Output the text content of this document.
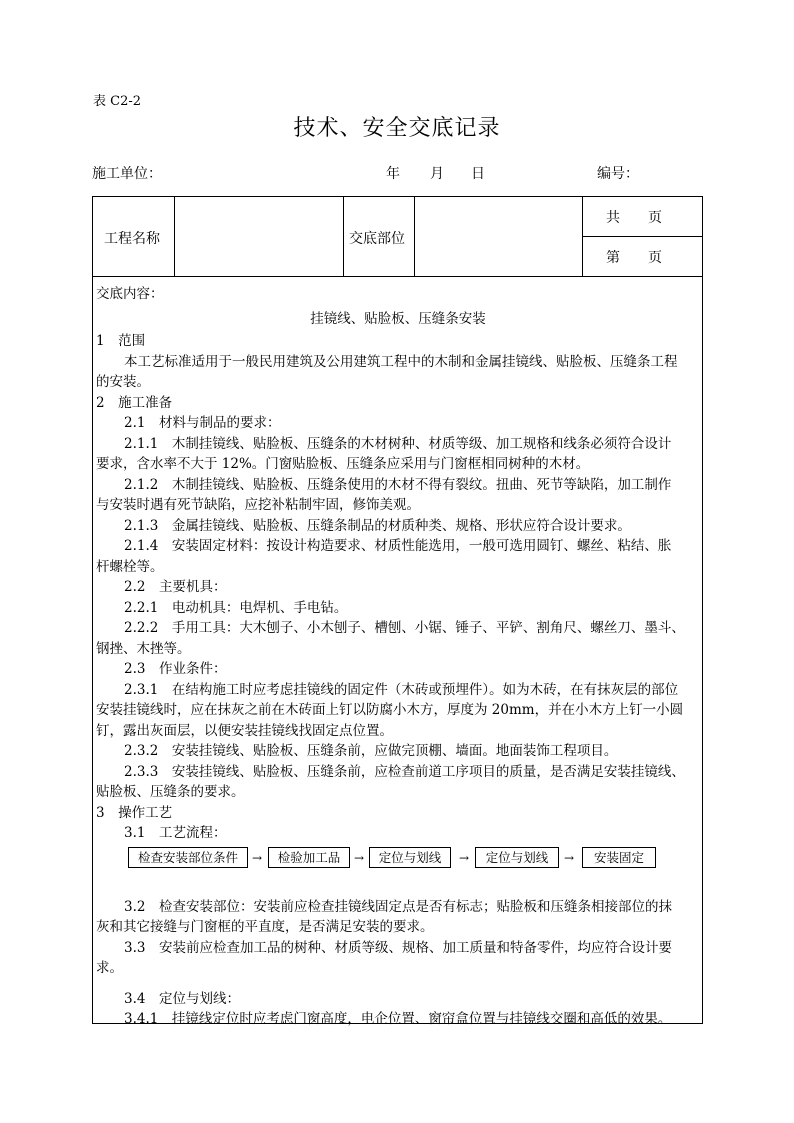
表 C2-2
技术、安全交底记录
施工单位：	年 月 日	编号：
工程名称	交底部位
共　　页
第　　页

交底内容：

挂镜线、贴脸板、压缝条安装

1　范围

本工艺标准适用于一般民用建筑及公用建筑工程中的木制和金属挂镜线、贴脸板、压缝条工程

的安装。

2　施工准备

2.1　材料与制品的要求：

2.1.1　木制挂镜线、贴脸板、压缝条的木材树种、材质等级、加工规格和线条必须符合设计

要求，含水率不大于 12%。门窗贴脸板、压缝条应采用与门窗框相同树种的木材。

2.1.2　木制挂镜线、贴脸板、压缝条使用的木材不得有裂纹。扭曲、死节等缺陷，加工制作

与安装时遇有死节缺陷，应挖补粘制牢固，修饰美观。

2.1.3　金属挂镜线、贴脸板、压缝条制品的材质种类、规格、形状应符合设计要求。

2.1.4　安装固定材料：按设计构造要求、材质性能选用，一般可选用圆钉、螺丝、粘结、胀

杆螺栓等。

2.2　主要机具：

2.2.1　电动机具：电焊机、手电钻。

2.2.2　手用工具：大木刨子、小木刨子、槽刨、小锯、锤子、平铲、割角尺、螺丝刀、墨斗、

钢挫、木挫等。

2.3　作业条件：

2.3.1　在结构施工时应考虑挂镜线的固定件（木砖或预埋件）。如为木砖，在有抹灰层的部位

安装挂镜线时，应在抹灰之前在木砖面上钉以防腐小木方，厚度为 20mm，并在小木方上钉一小圆

钉，露出灰面层，以便安装挂镜线找固定点位置。

2.3.2　安装挂镜线、贴脸板、压缝条前，应做完顶棚、墙面。地面装饰工程项目。

2.3.3　安装挂镜线、贴脸板、压缝条前，应检查前道工序项目的质量，是否满足安装挂镜线、

贴脸板、压缝条的要求。

3　操作工艺

3.1　工艺流程：

检查安装部位条件	→	检验加工品	→	定位与划线	→	定位与划线	→	安装固定

3.2　检查安装部位：安装前应检查挂镜线固定点是否有标志；贴脸板和压缝条相接部位的抹

灰和其它接缝与门窗框的平直度，是否满足安装的要求。

3.3　安装前应检查加工品的树种、材质等级、规格、加工质量和特备零件，均应符合设计要

求。

3.4　定位与划线：

3.4.1　挂镜线定位时应考虑门窗高度，电企位置、窗帘盒位置与挂镜线交圈和高低的效果。
